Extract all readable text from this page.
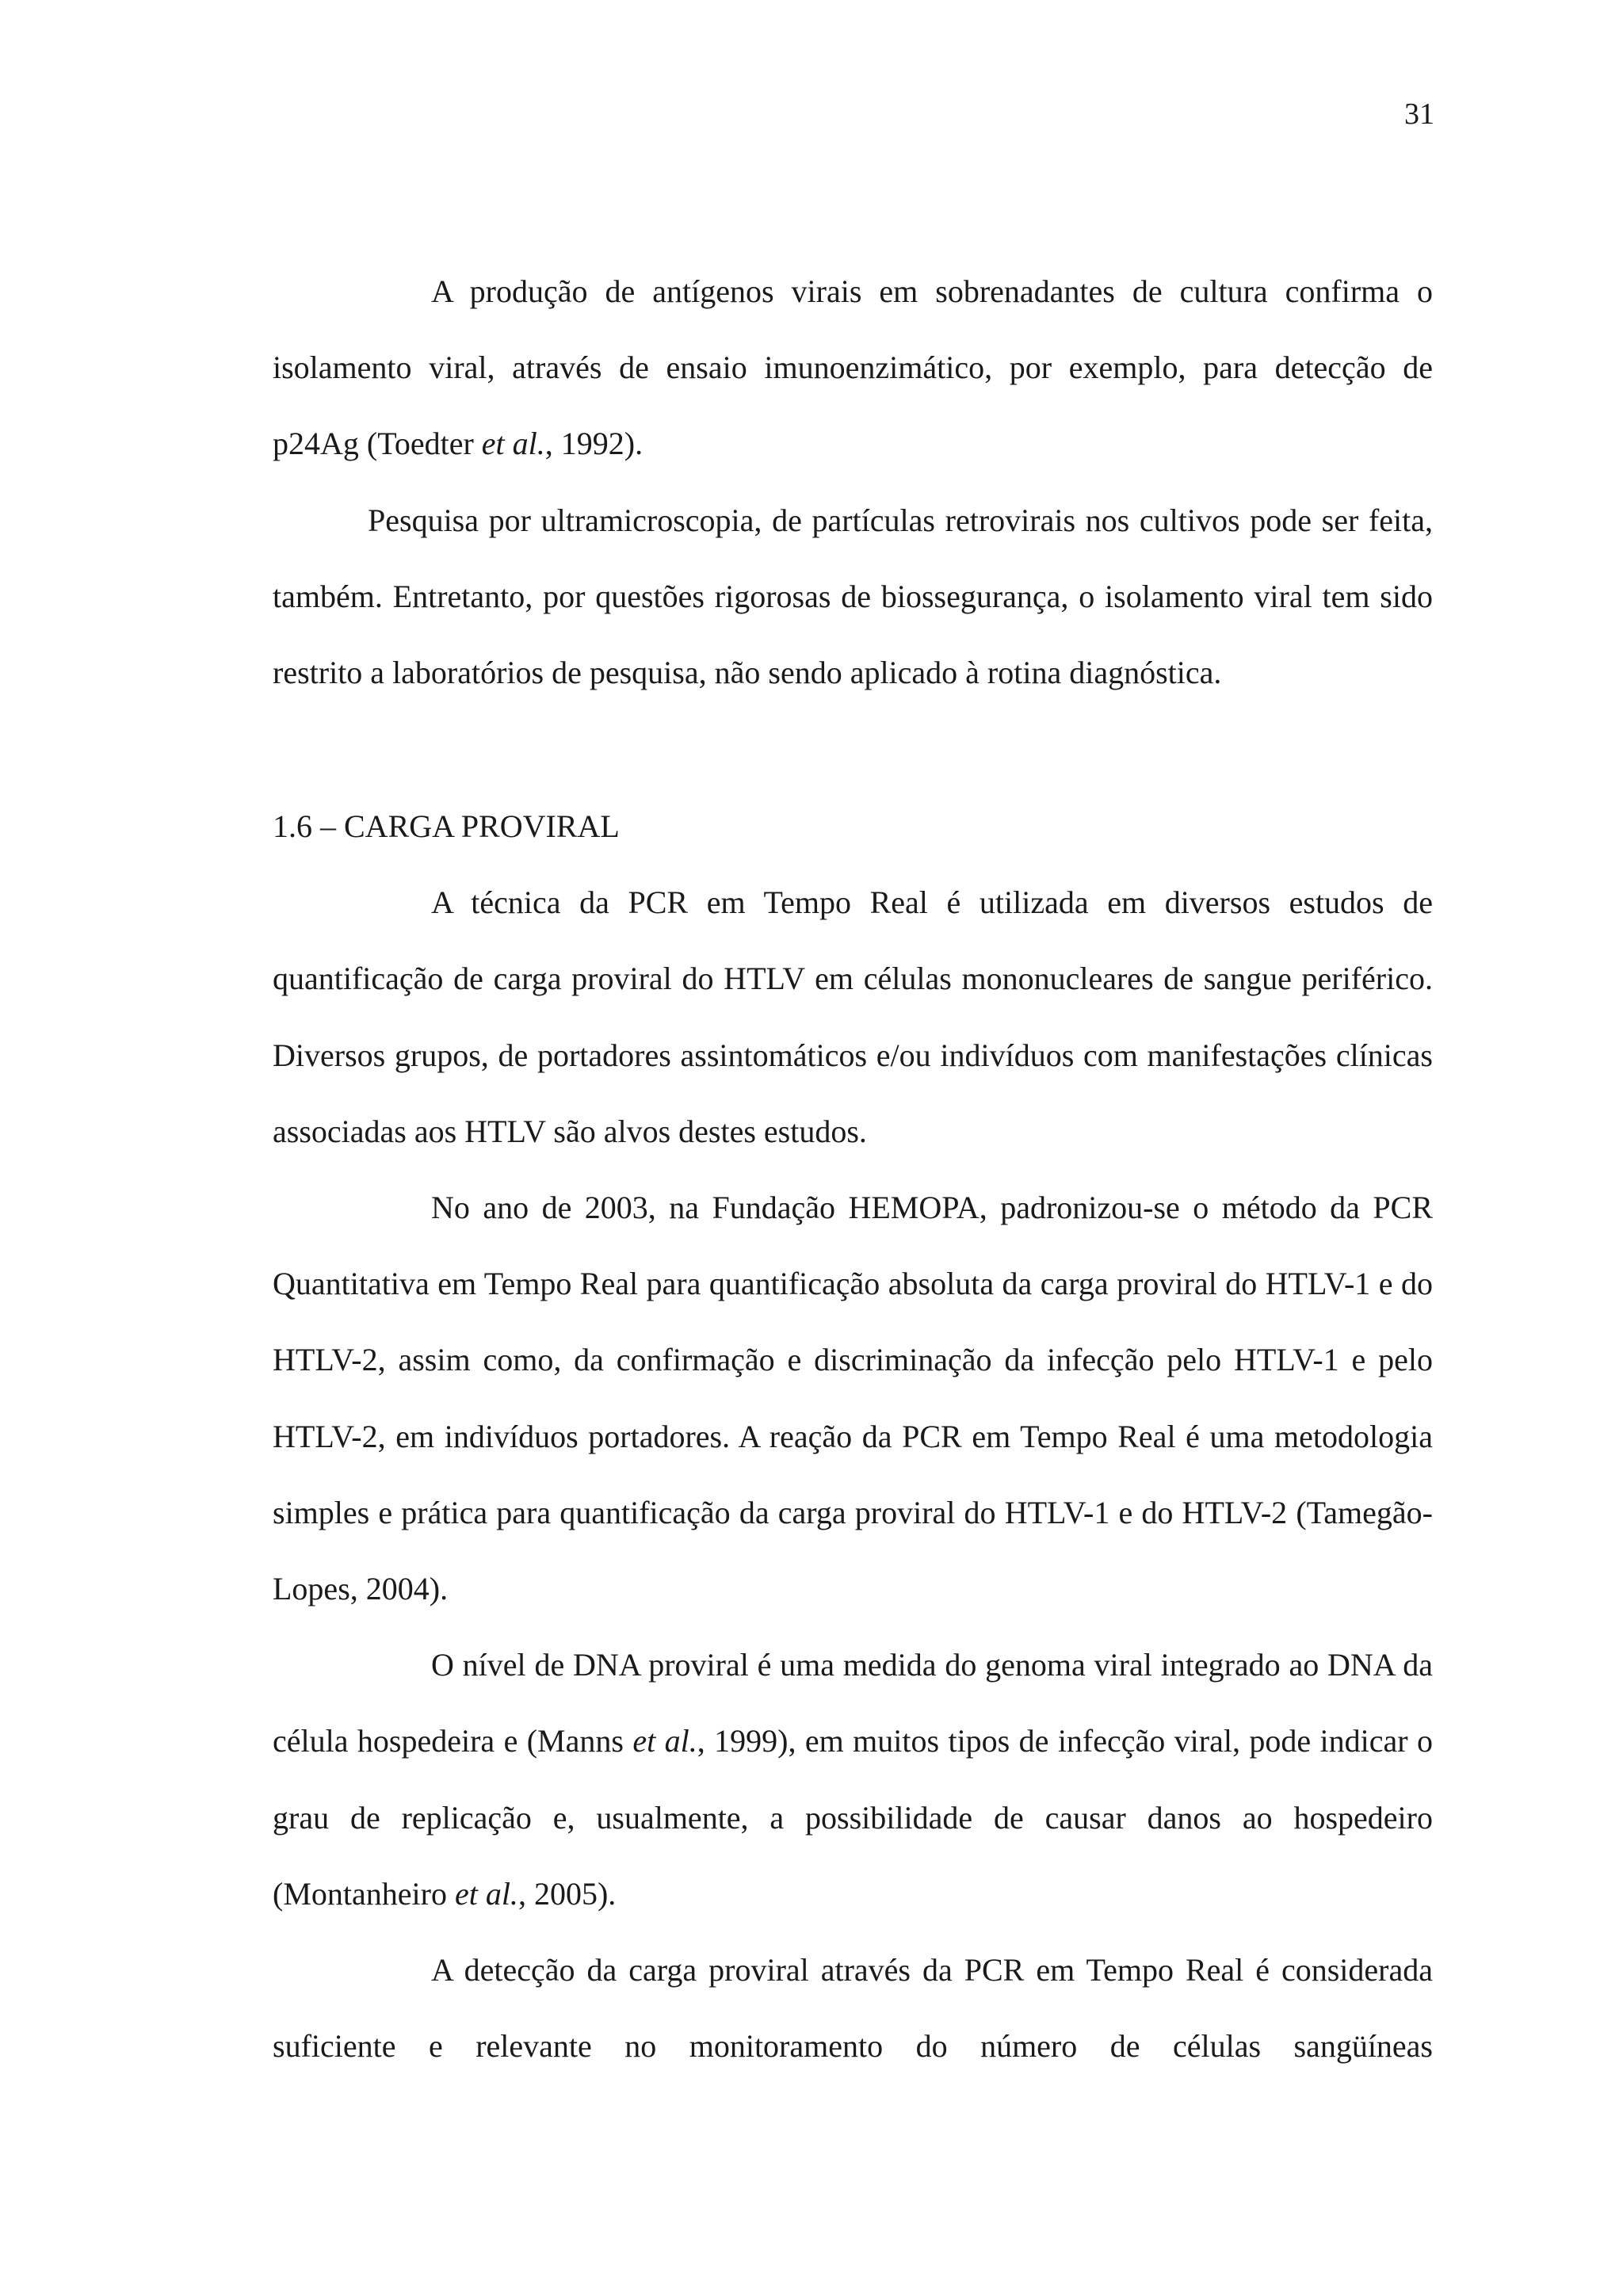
31

A produção de antígenos virais em sobrenadantes de cultura confirma o isolamento viral, através de ensaio imunoenzimático, por exemplo, para detecção de p24Ag (Toedter et al., 1992).

Pesquisa por ultramicroscopia, de partículas retrovirais nos cultivos pode ser feita, também. Entretanto, por questões rigorosas de biossegurança, o isolamento viral tem sido restrito a laboratórios de pesquisa, não sendo aplicado à rotina diagnóstica.

1.6 – CARGA PROVIRAL

A técnica da PCR em Tempo Real é utilizada em diversos estudos de quantificação de carga proviral do HTLV em células mononucleares de sangue periférico. Diversos grupos, de portadores assintomáticos e/ou indivíduos com manifestações clínicas associadas aos HTLV são alvos destes estudos.

No ano de 2003, na Fundação HEMOPA, padronizou-se o método da PCR Quantitativa em Tempo Real para quantificação absoluta da carga proviral do HTLV-1 e do HTLV-2, assim como, da confirmação e discriminação da infecção pelo HTLV-1 e pelo HTLV-2, em indivíduos portadores. A reação da PCR em Tempo Real é uma metodologia simples e prática para quantificação da carga proviral do HTLV-1 e do HTLV-2 (Tamegão-Lopes, 2004).

O nível de DNA proviral é uma medida do genoma viral integrado ao DNA da célula hospedeira e (Manns et al., 1999), em muitos tipos de infecção viral, pode indicar o grau de replicação e, usualmente, a possibilidade de causar danos ao hospedeiro (Montanheiro et al., 2005).

A detecção da carga proviral através da PCR em Tempo Real é considerada suficiente e relevante no monitoramento do número de células sangüíneas
